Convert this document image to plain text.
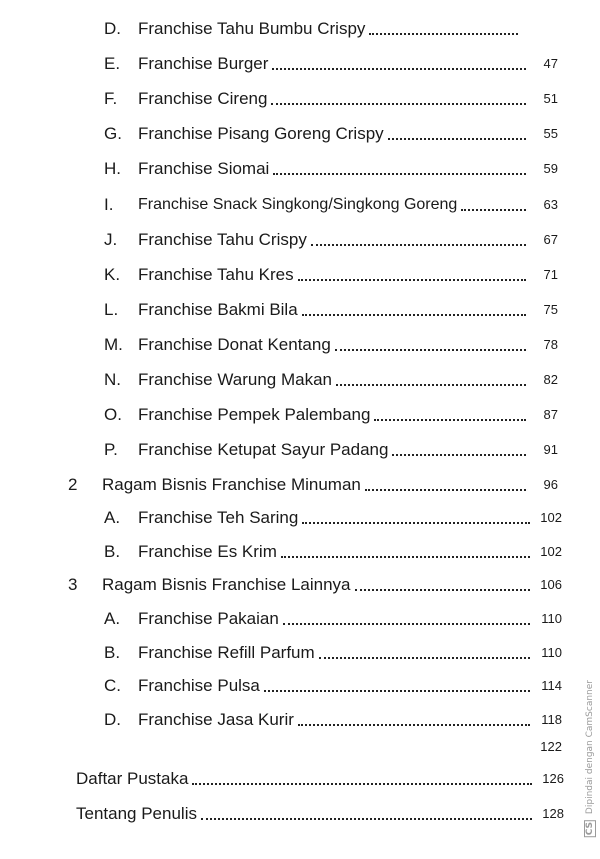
D.	Franchise Tahu Bumbu Crispy
E.	Franchise Burger	47
F.	Franchise Cireng	51
G. Franchise Pisang Goreng Crispy	55
H.	Franchise Siomai	59
I.	Franchise Snack Singkong/Singkong Goreng	63
J.	Franchise Tahu Crispy	67
K.	Franchise Tahu Kres	71
L.	Franchise Bakmi Bila	75
M. Franchise Donat Kentang	78
N.	Franchise Warung Makan	82
O. Franchise Pempek Palembang	87
P.	Franchise Ketupat Sayur Padang	91
2	Ragam Bisnis Franchise Minuman	96
A.	Franchise Teh Saring	102
B.	Franchise Es Krim	102
3	Ragam Bisnis Franchise Lainnya	106
A.	Franchise Pakaian	110
B.	Franchise Refill Parfum	110
C.	Franchise Pulsa	114
D.	Franchise Jasa Kurir	118
122
Daftar Pustaka	126
Tentang Penulis	128
CS Dipindai dengan CamScanner
